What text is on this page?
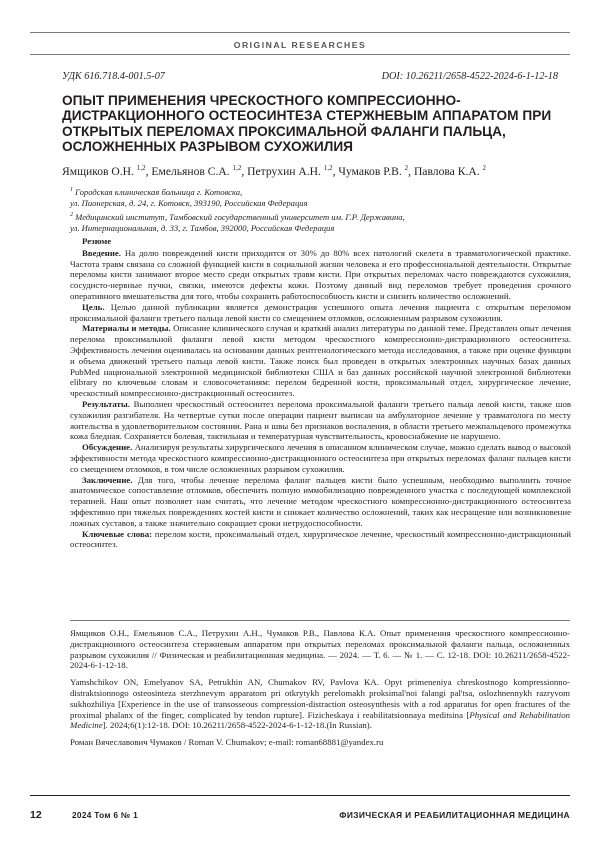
ORIGINAL RESEARCHES
УДК 616.718.4-001.5-07	DOI: 10.26211/2658-4522-2024-6-1-12-18
ОПЫТ ПРИМЕНЕНИЯ ЧРЕСКОСТНОГО КОМПРЕССИОННО-ДИСТРАКЦИОННОГО ОСТЕОСИНТЕЗА СТЕРЖНЕВЫМ АППАРАТОМ ПРИ ОТКРЫТЫХ ПЕРЕЛОМАХ ПРОКСИМАЛЬНОЙ ФАЛАНГИ ПАЛЬЦА, ОСЛОЖНЕННЫХ РАЗРЫВОМ СУХОЖИЛИЯ
Ямщиков О.Н. $^{1,2}$, Емельянов С.А. $^{1,2}$, Петрухин А.Н. $^{1,2}$, Чумаков Р.В. $^2$, Павлова К.А. $^2$
$^1$ Городская клиническая больница г. Котовска,
ул. Пионерская, д. 24, г. Котовск, 393190, Российская Федерация
$^2$ Медицинский институт, Тамбовский государственный университет им. Г.Р. Державина,
ул. Интернациональная, д. 33, г. Тамбов, 392000, Российская Федерация

Резюме

Введение. На долю повреждений кисти приходится от 30% до 80% всех патологий скелета в травматологической практике. Частота травм связана со сложной функцией кисти в социальной жизни человека и его профессиональной деятельности. Открытые переломы кисти занимают второе место среди открытых травм кисти. При открытых переломах часто повреждаются сухожилия, сосудисто-нервные пучки, связки, имеются дефекты кожи. Поэтому данный вид переломов требует проведения срочного оперативного вмешательства для того, чтобы сохранить работоспособность кисти и снизить количество осложнений.

Цель. Целью данной публикации является демонстрация успешного опыта лечения пациента с открытым переломом проксимальной фаланги третьего пальца левой кисти со смещением отломков, осложненным разрывом сухожилия.

Материалы и методы. Описание клинического случая и краткий анализ литературы по данной теме. Представлен опыт лечения перелома проксимальной фаланги левой кисти методом чрескостного компрессионно-дистракционного остеосинтеза. Эффективность лечения оценивалась на основании данных рентгенологического метода исследования, а также при оценке функции и объема движений третьего пальца левой кисти. Также поиск был проведен в открытых электронных научных базах данных PubMed национальной электронной медицинской библиотеки США и баз данных российской научной электронной библиотеки elibrary по ключевым словам и словосочетаниям: перелом бедренной кости, проксимальный отдел, хирургическое лечение, чрескостный компрессионно-дистракционный остеосинтез.

Результаты. Выполнен чрескостный остеосинтез перелома проксимальной фаланги третьего пальца левой кисти, также шов сухожилия разгибателя. На четвертые сутки после операции пациент выписан на амбулаторное лечение у травматолога по месту жительства в удовлетворительном состоянии. Рана и швы без признаков воспаления, в области третьего межпальцевого промежутка кожа бледная. Сохраняется болевая, тактильная и температурная чувствительность, кровоснабжение не нарушено.

Обсуждение. Анализируя результаты хирургического лечения в описанном клиническом случае, можно сделать вывод о высокой эффективности метода чрескостного компрессионно-дистракционного остеосинтеза при открытых переломах фаланг пальцев кисти со смещением отломков, в том числе осложненных разрывом сухожилия.

Заключение. Для того, чтобы лечение перелома фаланг пальцев кисти было успешным, необходимо выполнить точное анатомическое сопоставление отломков, обеспечить полную иммобилизацию поврежденного участка с последующей комплексной терапией. Наш опыт позволяет нам считать, что лечение методом чрескостного компрессионно-дистракционного остеосинтеза эффективно при тяжелых повреждениях костей кисти и снижает количество осложнений, таких как несращение или возникновение ложных суставов, а также значительно сокращает сроки нетрудоспособности.

Ключевые слова: перелом кости, проксимальный отдел, хирургическое лечение, чрескостный компрессионно-дистракционный остеосинтез.

Ямщиков О.Н., Емельянов С.А., Петрухин А.Н., Чумаков Р.В., Павлова К.А. Опыт применения чрескостного компрессионно-дистракционного остеосинтеза стержневым аппаратом при открытых переломах проксимальной фаланги пальца, осложненных разрывом сухожилия // Физическая и реабилитационная медицина. — 2024. — Т. 6. — № 1. — С. 12-18. DOI: 10.26211/2658-4522-2024-6-1-12-18.

Yamshchikov ON, Emelyanov SA, Petrukhin AN, Chumakov RV, Pavlova KA. Opyt primeneniya chreskostnogo kompressionno-distraktsionnogo osteosinteza sterzhnevym apparatom pri otkrytykh perelomakh proksimal'noi falangi pal'tsa, oslozhnennykh razryvom sukhozhiliya [Experience in the use of transosseous compression-distraction osteosynthesis with a rod apparatus for open fractures of the proximal phalanx of the finger, complicated by tendon rupture]. Fizicheskaya i reabilitatsionnaya meditsina [Physical and Rehabilitation Medicine]. 2024;6(1):12-18. DOI: 10.26211/2658-4522-2024-6-1-12-18.(In Russian).

Роман Вячеславович Чумаков / Roman V. Chumakov; e-mail: roman68881@yandex.ru

12	2024 Том 6 № 1	ФИЗИЧЕСКАЯ И РЕАБИЛИТАЦИОННАЯ МЕДИЦИНА
